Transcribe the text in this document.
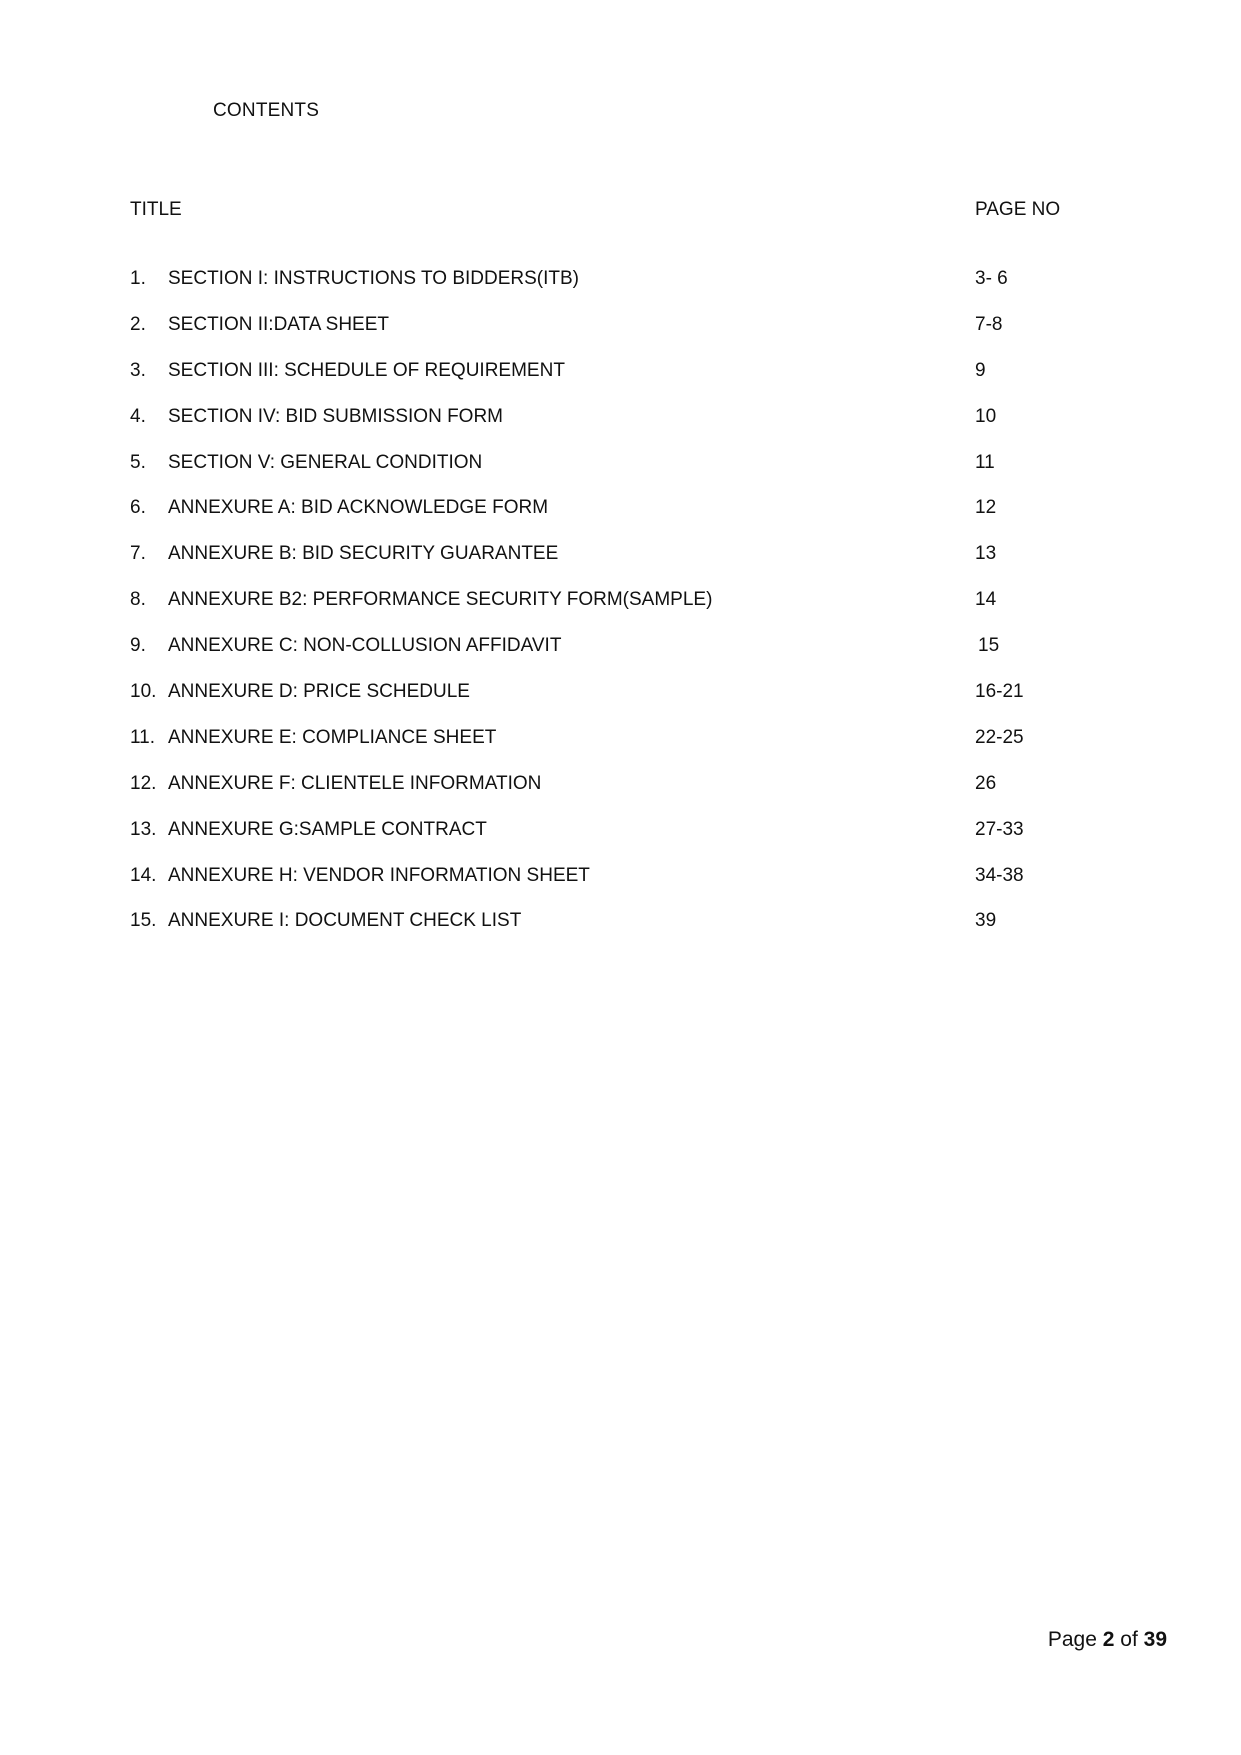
CONTENTS
TITLE	PAGE NO
1.	SECTION I: INSTRUCTIONS TO BIDDERS(ITB)	3- 6
2.	SECTION II:DATA SHEET	7-8
3.	SECTION III: SCHEDULE OF REQUIREMENT	9
4.	SECTION IV: BID SUBMISSION FORM	10
5.	SECTION V: GENERAL CONDITION	11
6.	ANNEXURE A: BID ACKNOWLEDGE FORM	12
7.	ANNEXURE B: BID SECURITY GUARANTEE	13
8.	ANNEXURE B2: PERFORMANCE SECURITY FORM(SAMPLE)	14
9.	ANNEXURE C: NON-COLLUSION AFFIDAVIT	15
10. ANNEXURE D: PRICE SCHEDULE	16-21
11. ANNEXURE E: COMPLIANCE SHEET	22-25
12. ANNEXURE F: CLIENTELE INFORMATION	26
13. ANNEXURE G:SAMPLE CONTRACT	27-33
14. ANNEXURE H: VENDOR INFORMATION SHEET	34-38
15. ANNEXURE I: DOCUMENT CHECK LIST	39
Page 2 of 39
